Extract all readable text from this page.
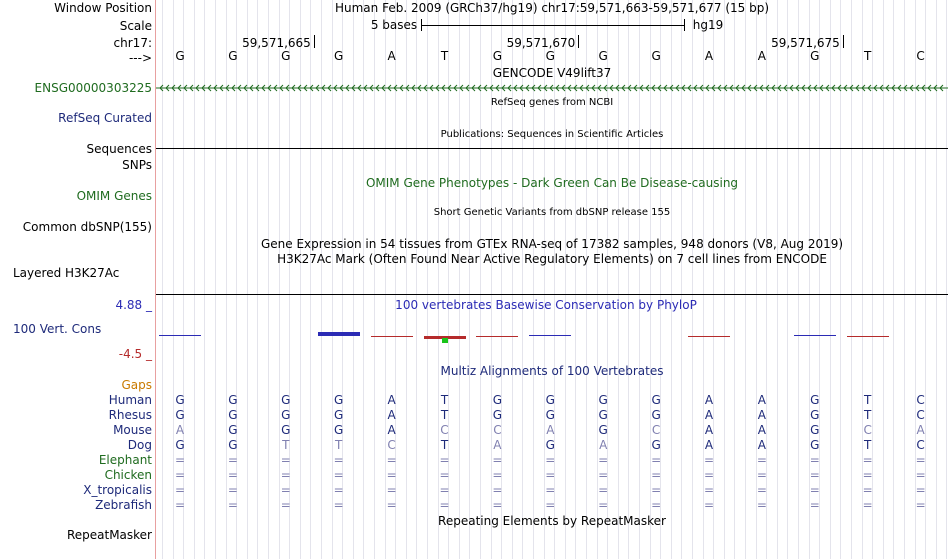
Window Position	Human Feb. 2009 (GRCh37/hg19) chr17:59,571,663-59,571,677 (15 bp)
Scale	5 bases	hg19
chr17:	59,571,665	59,571,670	59,571,675
---> G	G	G	G	A	T	G	G	G	G	A	A	G	T	C
GENCODE V49lift37
ENSG00000303225
RefSeq genes from NCBI
RefSeq Curated
Publications: Sequences in Scientific Articles
Sequences
SNPs
OMIM Gene Phenotypes - Dark Green Can Be Disease-causing
OMIM Genes
Short Genetic Variants from dbSNP release 155
Common dbSNP(155)
Gene Expression in 54 tissues from GTEx RNA-seq of 17382 samples, 948 donors (V8, Aug 2019)
H3K27Ac Mark (Often Found Near Active Regulatory Elements) on 7 cell lines from ENCODE
Layered H3K27Ac
4.88 _	100 vertebrates Basewise Conservation by PhyloP
100 Vert. Cons
-4.5 _
Multiz Alignments of 100 Vertebrates
Gaps
Human G	G	G	G	A	T	G	G	G	G	A	A	G	T	C
Rhesus G	G	G	G	A	T	G	G	G	G	A	A	G	T	C
Mouse	A	G	G	G	A	C	C	A	G	C	A	A	G	C	A
Dog G	G	T	T	C	T	A	G	A	G	A	A	G	T	C
Elephant =	=	=	=	=	=	=	=	=	=	=	=	=	=	=
Chicken =	=	=	=	=	=	=	=	=	=	=	=	=	=	=
X_tropicalis =	=	=	=	=	=	=	=	=	=	=	=	=	=	=
Zebrafish =	=	=	=	=	=	=	=	=	=	=	=	=	=	=
Repeating Elements by RepeatMasker
RepeatMasker
